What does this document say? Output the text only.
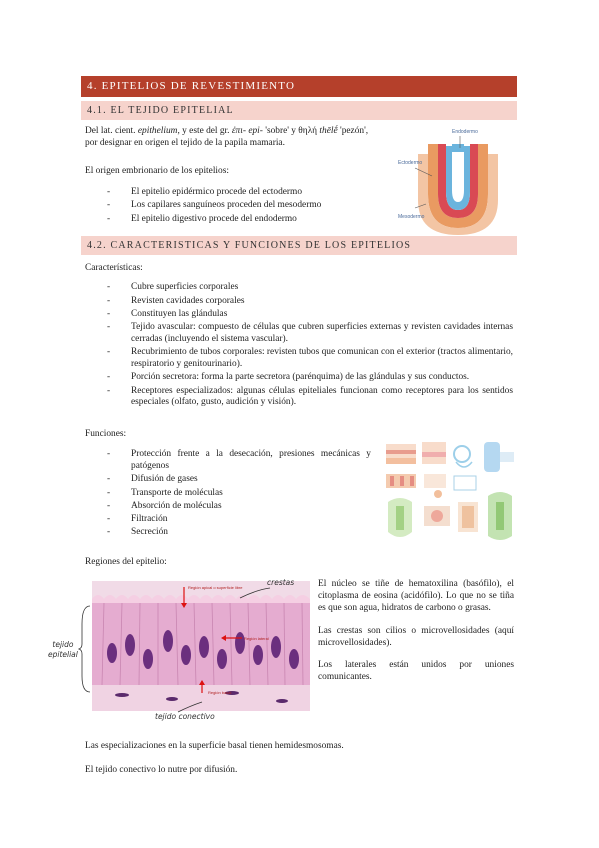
4. EPITELIOS DE REVESTIMIENTO
4.1. EL TEJIDO EPITELIAL

Del lat. cient. epithelium, y este del gr. ἐπι- epi- 'sobre' y θηλή thēlḗ 'pezón',
por designar en origen el tejido de la papila mamaria.

El origen embrionario de los epitelios:

- El epitelio epidérmico procede del ectodermo
- Los capilares sanguíneos proceden del mesodermo
- El epitelio digestivo procede del endodermo
Endodermo
Ectodermo
Mesodermo
4.2. CARACTERISTICAS Y FUNCIONES DE LOS EPITELIOS

Características:

- Cubre superficies corporales
- Revisten cavidades corporales
- Constituyen las glándulas
- Tejido avascular: compuesto de células que cubren superficies externas y revisten cavidades internas cerradas (incluyendo el sistema vascular).
- Recubrimiento de tubos corporales: revisten tubos que comunican con el exterior (tractos alimentario, respiratorio y genitourinario).
- Porción secretora: forma la parte secretora (parénquima) de las glándulas y sus conductos.
- Receptores especializados: algunas células epiteliales funcionan como receptores para los sentidos especiales (olfato, gusto, audición y visión).

Funciones:

- Protección frente a la desecación, presiones mecánicas y patógenos
- Difusión de gases
- Transporte de moléculas
- Absorción de moléculas
- Filtración
- Secreción

Regiones del epitelio:

Región apical o superficie libre
Región lateral
Región basal
crestas
tejido
epitelial
tejido conectivo

El núcleo se tiñe de hematoxilina (basófilo), el citoplasma de eosina (acidófilo). Lo que no se tiña es que son agua, hidratos de carbono o grasas.

Las crestas son cilios o microvellosidades (aquí microvellosidades).

Los laterales están unidos por uniones comunicantes.

Las especializaciones en la superficie basal tienen hemidesmosomas.

El tejido conectivo lo nutre por difusión.
